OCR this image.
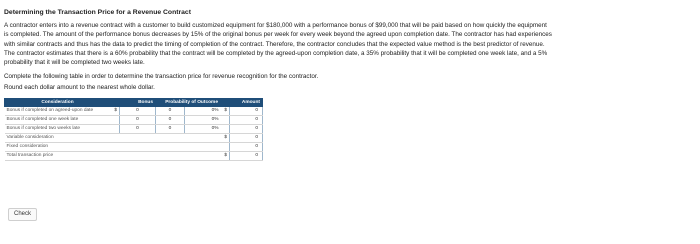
Determining the Transaction Price for a Revenue Contract

A contractor enters into a revenue contract with a customer to build customized equipment for $180,000 with a performance bonus of $99,000 that will be paid based on how quickly the equipment

is completed. The amount of the performance bonus decreases by 15% of the original bonus per week for every week beyond the agreed upon completion date. The contractor has had experiences

with similar contracts and thus has the data to predict the timing of completion of the contract. Therefore, the contractor concludes that the expected value method is the best predictor of revenue.

The contractor estimates that there is a 60% probability that the contract will be completed by the agreed-upon completion date, a 35% probability that it will be completed one week late, and a 5%

probability that it will be completed two weeks late.

Complete the following table in order to determine the transaction price for revenue recognition for the contractor.

Round each dollar amount to the nearest whole dollar.

Consideration	Bonus		Probability of Outcome		Amount	
Bonus if completed on agreed-upon date	$	0	0	0%	$	0
Bonus if completed one week late		0	0	0%		0
Bonus if completed two weeks late		0	0	0%		0
Variable consideration					$	0
Fixed consideration						0
Total transaction price					$	0
Check
